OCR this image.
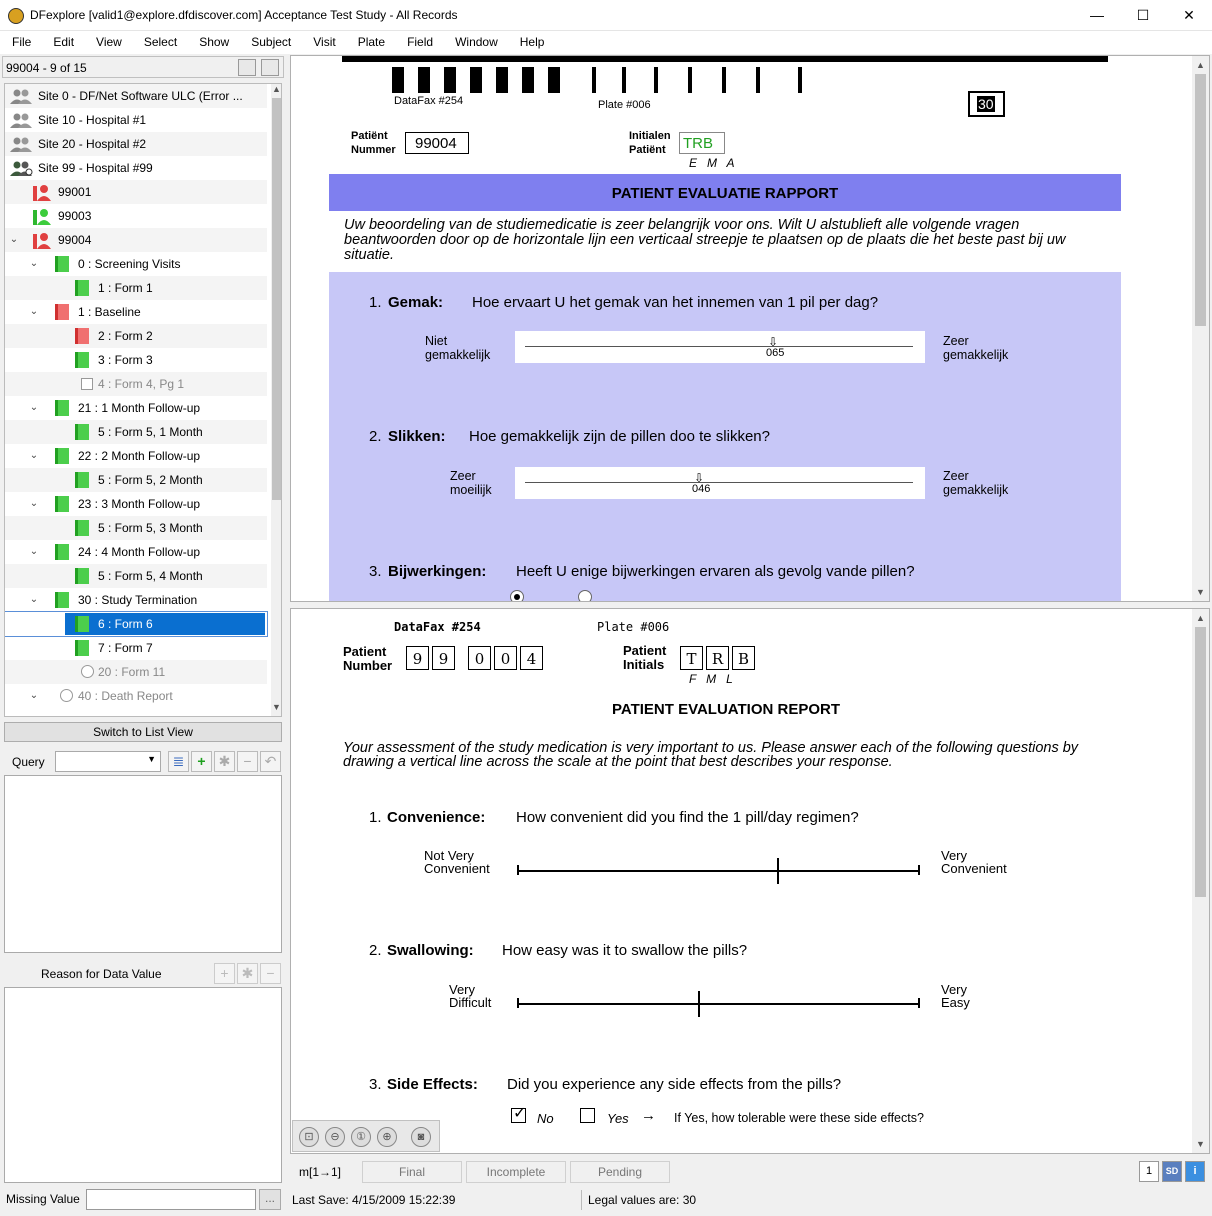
DFexplore [valid1@explore.dfdiscover.com] Acceptance Test Study - All Records	—	☐	✕
File Edit View Select Show Subject Visit Plate Field Window Help
99004 - 9 of 15
Site 0 - DF/Net Software ULC (Error ...
Site 10 - Hospital #1
Site 20 - Hospital #2
Site 99 - Hospital #99
99001
99003
⌄	99004
⌄	0 : Screening Visits
1 : Form 1
⌄	1 : Baseline
2 : Form 2
3 : Form 3
4 : Form 4, Pg 1
⌄	21 : 1 Month Follow-up
5 : Form 5, 1 Month
⌄	22 : 2 Month Follow-up
5 : Form 5, 2 Month
⌄	23 : 3 Month Follow-up
5 : Form 5, 3 Month
⌄	24 : 4 Month Follow-up
5 : Form 5, 4 Month
⌄	30 : Study Termination
6 : Form 6
7 : Form 7
20 : Form 11
⌄	40 : Death Report
▲
▼
Switch to List View
Query	▼	≣ + ✱ − ↶
Reason for Data Value	+ ✱ −
Missing Value	...
DataFax #254	Plate #006	30
Patiënt
Nummer 99004	Initialen
Patiënt TRB
E   M   A
PATIENT EVALUATIE RAPPORT
Uw beoordeling van de studiemedicatie is zeer belangrijk voor ons. Wilt U alstublieft alle volgende vragen beantwoorden door op de horizontale lijn een verticaal streepje te plaatsen op de plaats die het beste past bij uw situatie.
1. Gemak: Hoe ervaart U het gemak van het innemen van 1 pil per dag?
Niet
gemakkelijk
⇩
065
Zeer
gemakkelijk
2. Slikken: Hoe gemakkelijk zijn de pillen doo te slikken?
Zeer
moeilijk
⇩
046
Zeer
gemakkelijk
3. Bijwerkingen: Heeft U enige bijwerkingen ervaren als gevolg vande pillen?
▲
▼
DataFax #254	Plate #006
Patient
Number	9	9	0	0	4	Patient
Initials	T	R B
F   M   L
PATIENT EVALUATION REPORT
Your assessment of the study medication is very important to us. Please answer each of the following questions by drawing a vertical line across the scale at the point that best describes your response.
1. Convenience: How convenient did you find the 1 pill/day regimen?
Not Very
Convenient
Very
Convenient
2. Swallowing: How easy was it to swallow the pills?
Very
Difficult
Very
Easy
3. Side Effects: Did you experience any side effects from the pills?
✓ No	Yes → If Yes, how tolerable were these side effects?
▲
▼
⊡	⊖	①	⊕	◙
m[1→1]	Final	Incomplete	Pending	1	SD	i
Last Save: 4/15/2009 15:22:39	Legal values are: 30
